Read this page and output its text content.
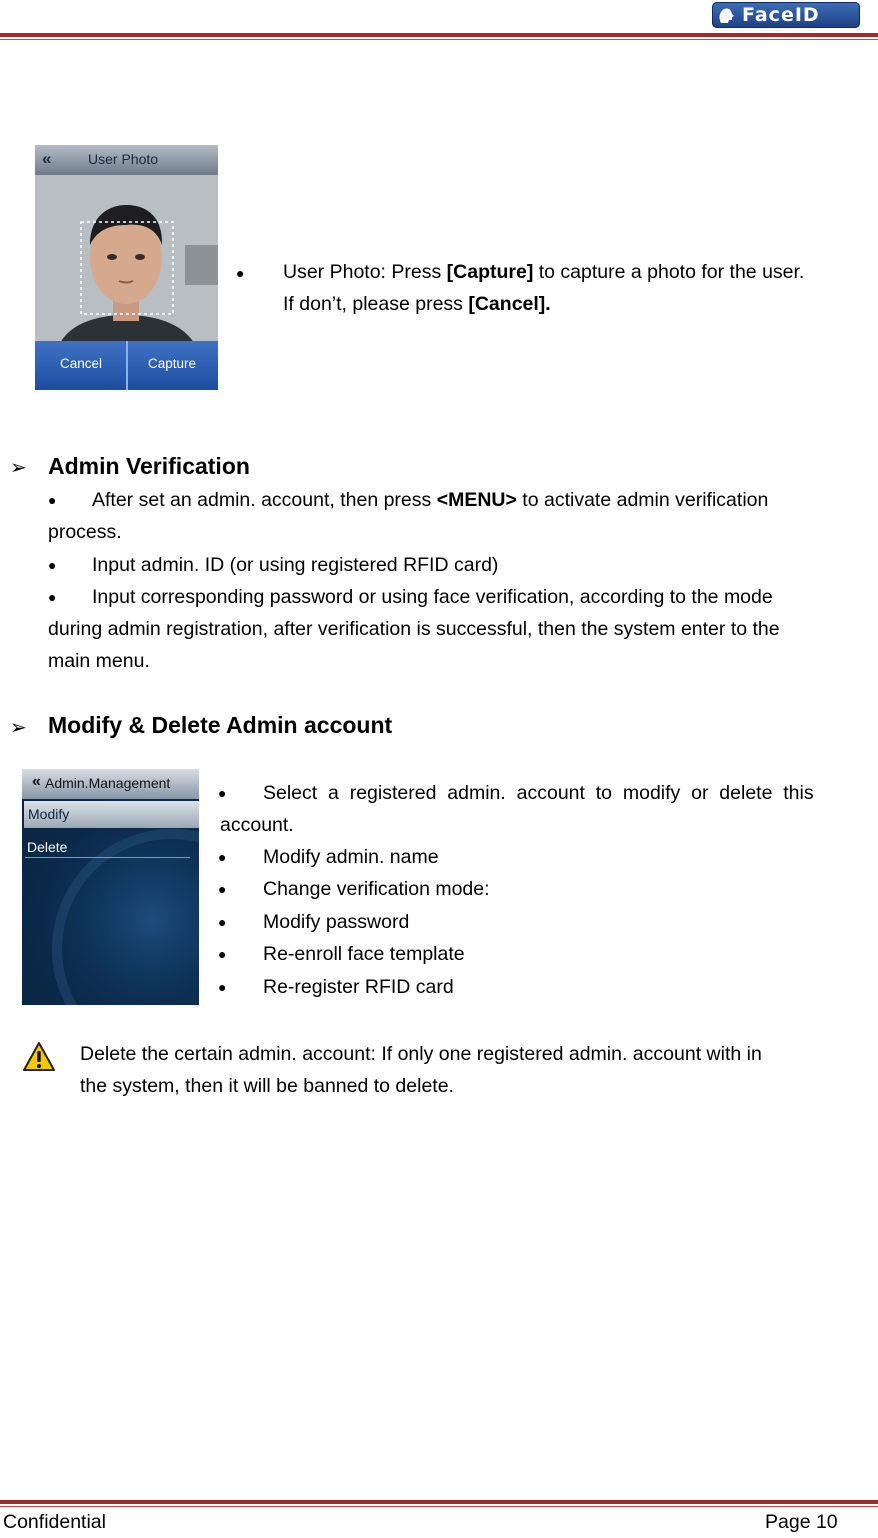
FaceID
«	User Photo
Cancel	Capture
● User Photo: Press [Capture] to capture a photo for the user.
If don’t, please press [Cancel].
➢ Admin Verification
● After set an admin. account, then press <MENU> to activate admin verification
process.
● Input admin. ID (or using registered RFID card)
● Input corresponding password or using face verification, according to the mode
during admin registration, after verification is successful, then the system enter to the
main menu.
➢ Modify & Delete Admin account
« Admin.Management
Modify
Delete
● Select  a  registered  admin.  account  to  modify  or  delete  this
account.
● Modify admin. name
● Change verification mode:
● Modify password
● Re-enroll face template
● Re-register RFID card
Delete the certain admin. account: If only one registered admin. account with in
the system, then it will be banned to delete.
Confidential	Page 10
